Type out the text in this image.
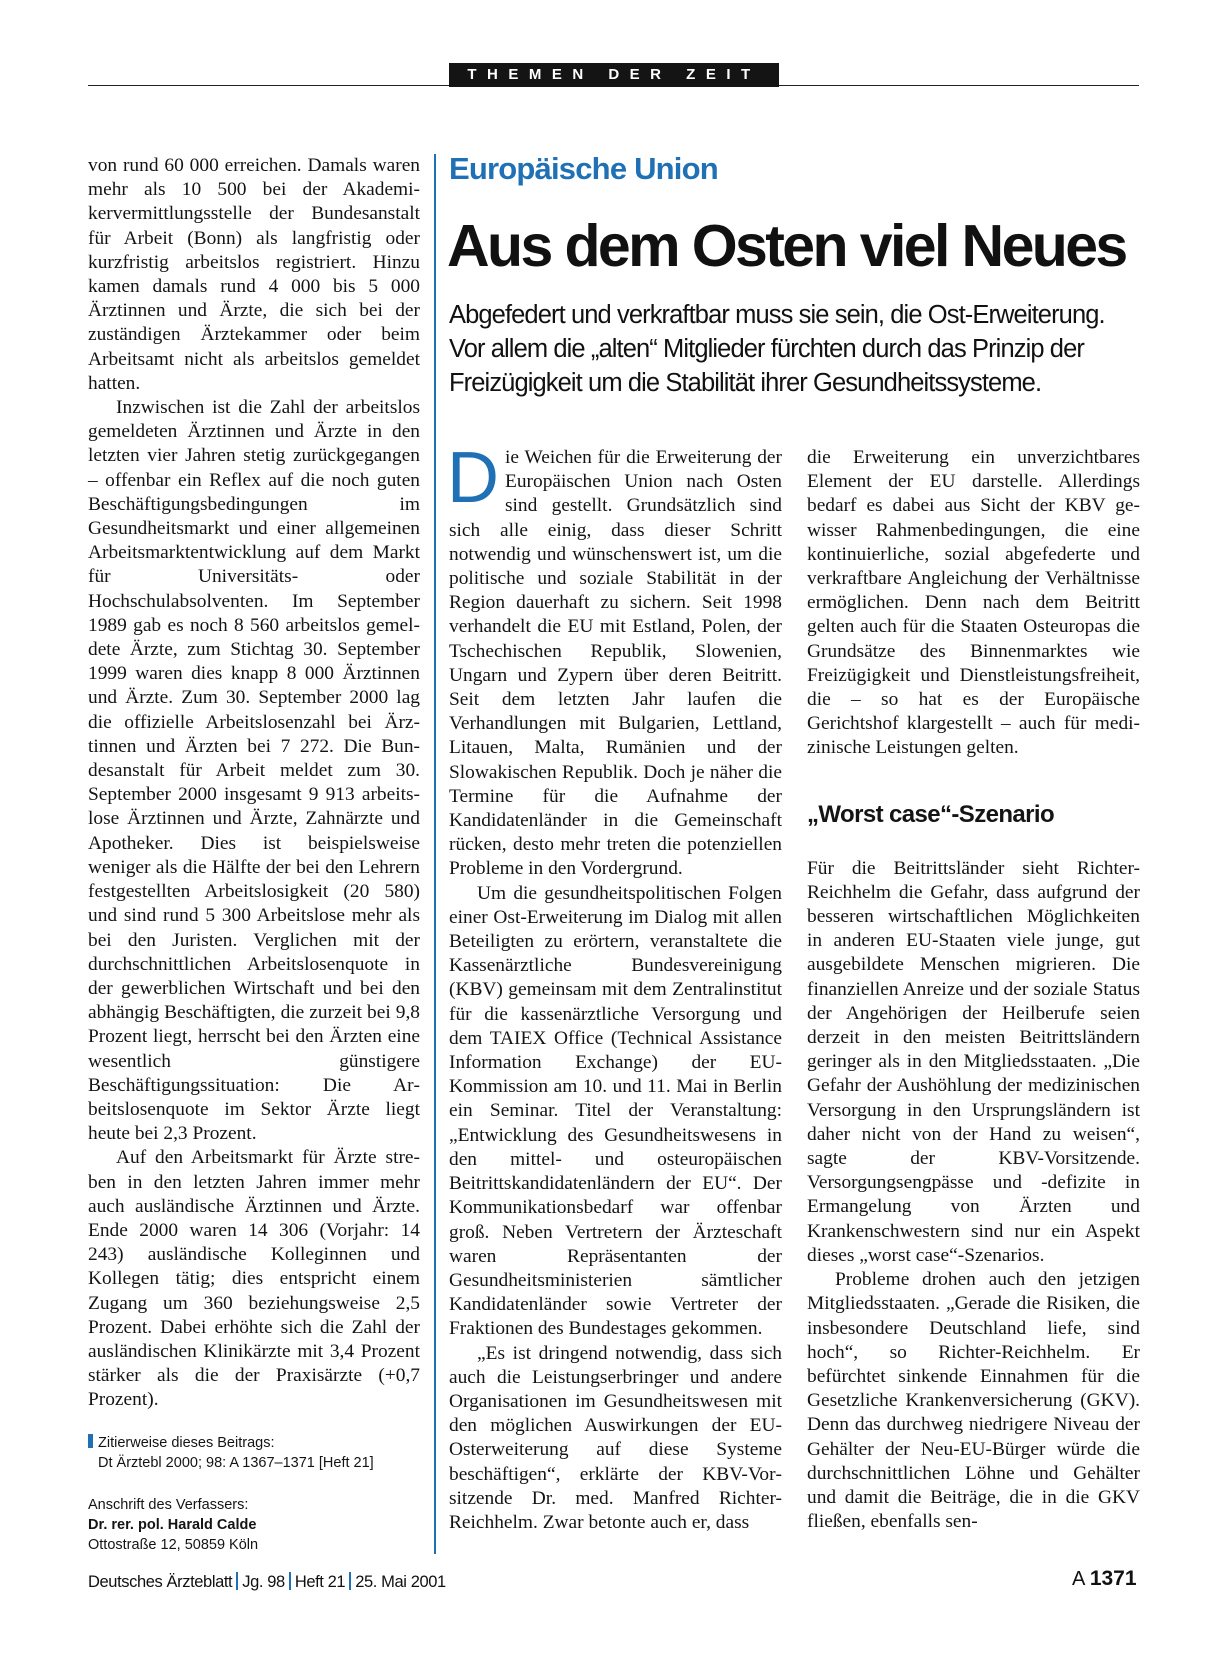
THEMEN DER ZEIT

von rund 60 000 erreichen. Damals waren mehr als 10 500 bei der Akademikervermittlungsstelle der Bundesanstalt für Arbeit (Bonn) als langfristig oder kurzfristig arbeitslos registriert. Hinzu kamen damals rund 4 000 bis 5 000 Ärztinnen und Ärzte, die sich bei der zuständigen Ärztekammer oder beim Arbeitsamt nicht als arbeitslos gemeldet hatten.

Inzwischen ist die Zahl der arbeitslos gemeldeten Ärztinnen und Ärzte in den letzten vier Jahren stetig zurückgegangen – offenbar ein Reflex auf die noch guten Beschäftigungsbedingungen im Gesundheitsmarkt und einer allgemeinen Arbeitsmarktentwicklung auf dem Markt für Universitäts- oder Hochschulabsolventen. Im September 1989 gab es noch 8 560 arbeitslos gemeldete Ärzte, zum Stichtag 30. September 1999 waren dies knapp 8 000 Ärztinnen und Ärzte. Zum 30. September 2000 lag die offizielle Arbeitslosenzahl bei Ärztinnen und Ärzten bei 7 272. Die Bundesanstalt für Arbeit meldet zum 30. September 2000 insgesamt 9 913 arbeitslose Ärztinnen und Ärzte, Zahnärzte und Apotheker. Dies ist beispielsweise weniger als die Hälfte der bei den Lehrern festgestellten Arbeitslosigkeit (20 580) und sind rund 5 300 Arbeitslose mehr als bei den Juristen. Verglichen mit der durchschnittlichen Arbeitslosenquote in der gewerblichen Wirtschaft und bei den abhängig Beschäftigten, die zurzeit bei 9,8 Prozent liegt, herrscht bei den Ärzten eine wesentlich günstigere Beschäftigungssituation: Die Arbeitslosenquote im Sektor Ärzte liegt heute bei 2,3 Prozent.

Auf den Arbeitsmarkt für Ärzte streben in den letzten Jahren immer mehr auch ausländische Ärztinnen und Ärzte. Ende 2000 waren 14 306 (Vorjahr: 14 243) ausländische Kolleginnen und Kollegen tätig; dies entspricht einem Zugang um 360 beziehungsweise 2,5 Prozent. Dabei erhöhte sich die Zahl der ausländischen Klinikärzte mit 3,4 Prozent stärker als die der Praxisärzte (+0,7 Prozent).

Europäische Union
Aus dem Osten viel Neues
Abgefedert und verkraftbar muss sie sein, die Ost-Erweiterung.
Vor allem die „alten“ Mitglieder fürchten durch das Prinzip der
Freizügigkeit um die Stabilität ihrer Gesundheitssysteme.

Die Weichen für die Erweiterung der Europäischen Union nach Osten sind gestellt. Grundsätzlich sind sich alle einig, dass dieser Schritt notwendig und wünschenswert ist, um die politische und soziale Stabilität in der Region dauerhaft zu sichern. Seit 1998 verhandelt die EU mit Estland, Polen, der Tschechischen Republik, Slowenien, Ungarn und Zypern über deren Beitritt. Seit dem letzten Jahr laufen die Verhandlungen mit Bulgarien, Lettland, Litauen, Malta, Rumänien und der Slowakischen Republik. Doch je näher die Termine für die Aufnahme der Kandidatenländer in die Gemeinschaft rücken, desto mehr treten die potenziellen Probleme in den Vordergrund.

Um die gesundheitspolitischen Folgen einer Ost-Erweiterung im Dialog mit allen Beteiligten zu erörtern, veranstaltete die Kassenärztliche Bundesvereinigung (KBV) gemeinsam mit dem Zentralinstitut für die kassenärztliche Versorgung und dem TAIEX Office (Technical Assistance Information Exchange) der EU-Kommission am 10. und 11. Mai in Berlin ein Seminar. Titel der Veranstaltung: „Entwicklung des Gesundheitswesens in den mittel- und osteuropäischen Beitrittskandidatenländern der EU“. Der Kommunikationsbedarf war offenbar groß. Neben Vertretern der Ärzteschaft waren Repräsentanten der Gesundheitsministerien sämtlicher Kandidatenländer sowie Vertreter der Fraktionen des Bundestages gekommen.

„Es ist dringend notwendig, dass sich auch die Leistungserbringer und andere Organisationen im Gesundheitswesen mit den möglichen Auswirkungen der EU-Osterweiterung auf diese Systeme beschäftigen“, erklärte der KBV-Vorsitzende Dr. med. Manfred Richter-Reichhelm. Zwar betonte auch er, dass

die Erweiterung ein unverzichtbares Element der EU darstelle. Allerdings bedarf es dabei aus Sicht der KBV gewisser Rahmenbedingungen, die eine kontinuierliche, sozial abgefederte und verkraftbare Angleichung der Verhältnisse ermöglichen. Denn nach dem Beitritt gelten auch für die Staaten Osteuropas die Grundsätze des Binnenmarktes wie Freizügigkeit und Dienstleistungsfreiheit, die – so hat es der Europäische Gerichtshof klargestellt – auch für medizinische Leistungen gelten.

„Worst case“-Szenario

Für die Beitrittsländer sieht Richter-Reichhelm die Gefahr, dass aufgrund der besseren wirtschaftlichen Möglichkeiten in anderen EU-Staaten viele junge, gut ausgebildete Menschen migrieren. Die finanziellen Anreize und der soziale Status der Angehörigen der Heilberufe seien derzeit in den meisten Beitrittsländern geringer als in den Mitgliedsstaaten. „Die Gefahr der Aushöhlung der medizinischen Versorgung in den Ursprungsländern ist daher nicht von der Hand zu weisen“, sagte der KBV-Vorsitzende. Versorgungsengpässe und -defizite in Ermangelung von Ärzten und Krankenschwestern sind nur ein Aspekt dieses „worst case“-Szenarios.

Probleme drohen auch den jetzigen Mitgliedsstaaten. „Gerade die Risiken, die insbesondere Deutschland liefe, sind hoch“, so Richter-Reichhelm. Er befürchtet sinkende Einnahmen für die Gesetzliche Krankenversicherung (GKV). Denn das durchweg niedrigere Niveau der Gehälter der Neu-EU-Bürger würde die durchschnittlichen Löhne und Gehälter und damit die Beiträge, die in die GKV fließen, ebenfalls sen-

Zitierweise dieses Beitrags:
Dt Ärztebl 2000; 98: A 1367–1371 [Heft 21]
Anschrift des Verfassers:
Dr. rer. pol. Harald Calde
Ottostraße 12, 50859 Köln
Deutsches Ärzteblatt Jg. 98 Heft 21 25. Mai 2001	A 1371
